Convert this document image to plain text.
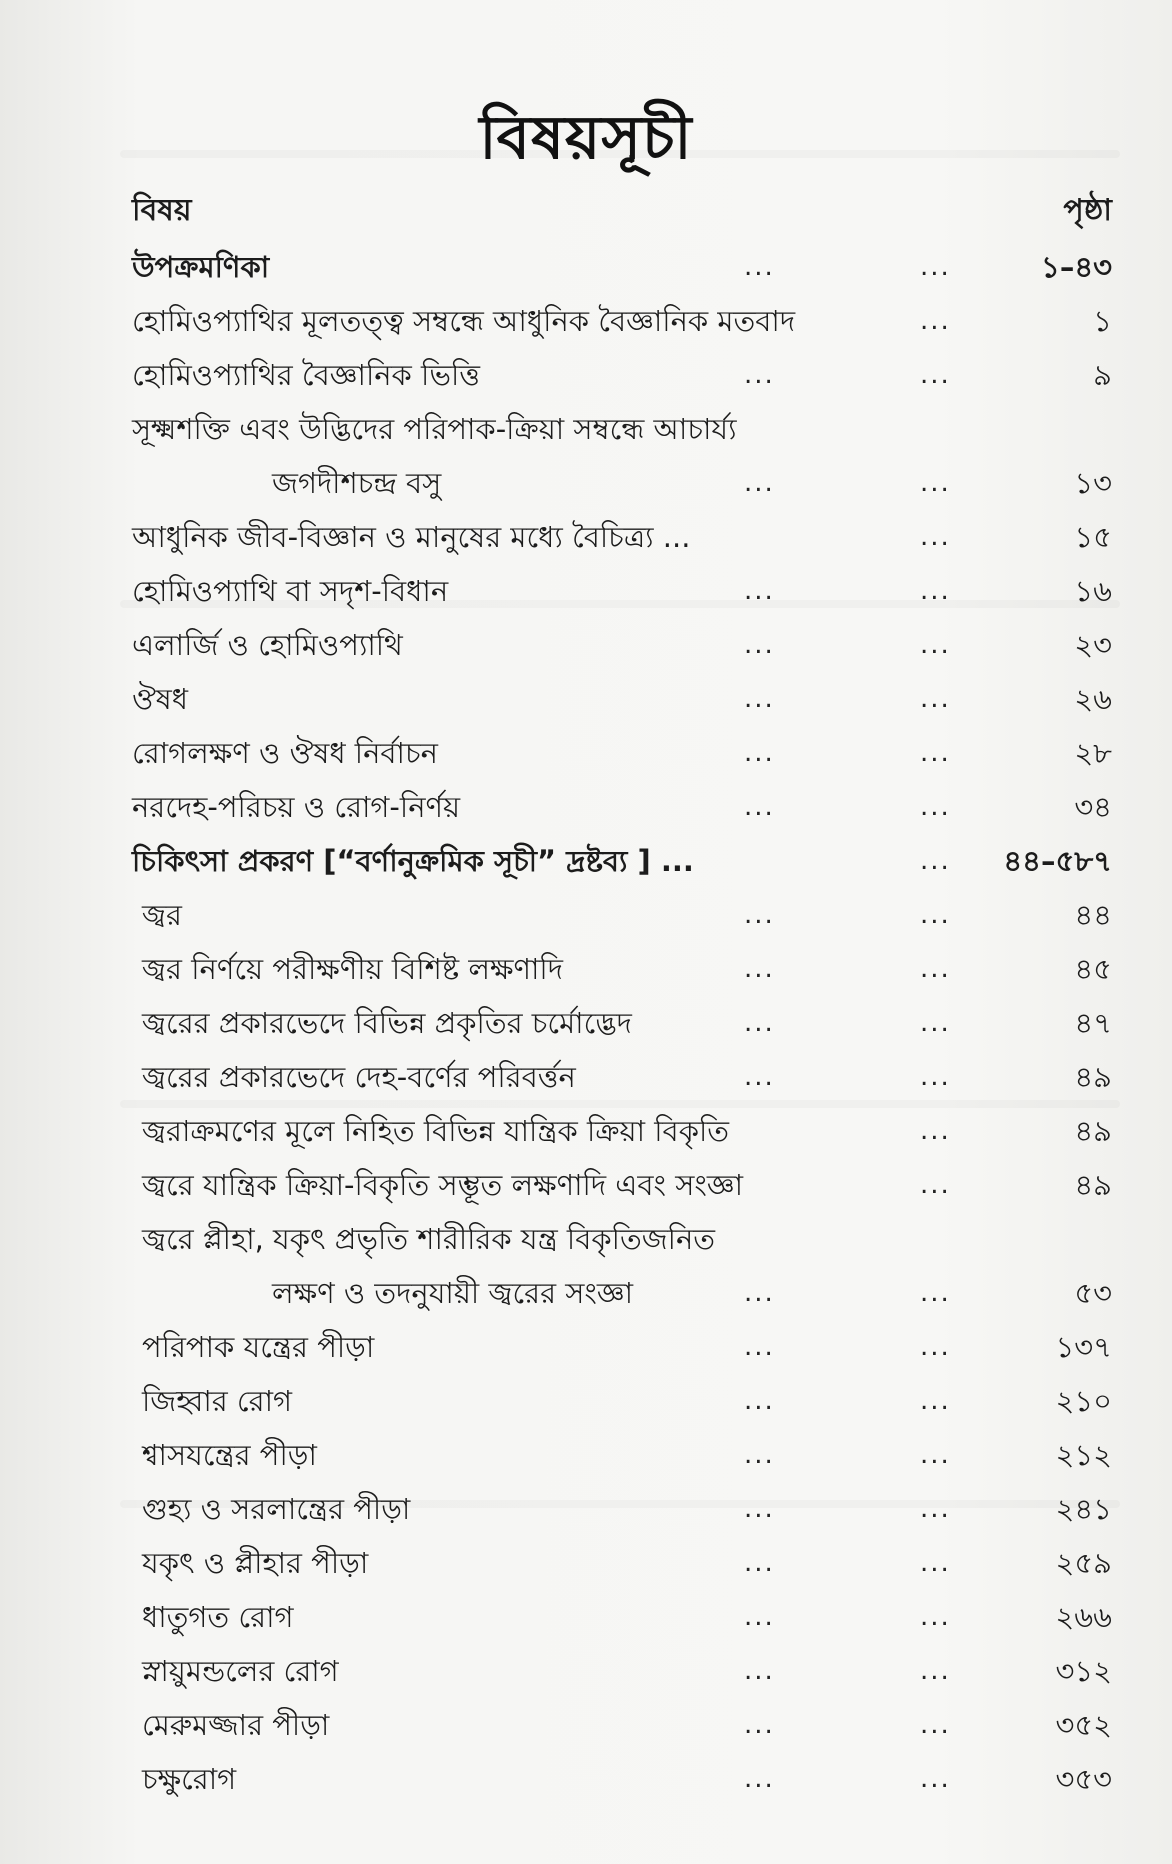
বিষয়সূচী
বিষয়	পৃষ্ঠা
উপক্রমণিকা	...	...	১–৪৩
হোমিওপ্যাথির মূলতত্ত্ব সম্বন্ধে আধুনিক বৈজ্ঞানিক মতবাদ	...	১
হোমিওপ্যাথির বৈজ্ঞানিক ভিত্তি	...	...	৯
সূক্ষ্মশক্তি এবং উদ্ভিদের পরিপাক-ক্রিয়া সম্বন্ধে আচার্য্য
জগদীশচন্দ্র বসু	...	...	১৩
আধুনিক জীব-বিজ্ঞান ও মানুষের মধ্যে বৈচিত্র্য ...	...	১৫
হোমিওপ্যাথি বা সদৃশ-বিধান	...	...	১৬
এলার্জি ও হোমিওপ্যাথি	...	...	২৩
ঔষধ	...	...	২৬
রোগলক্ষণ ও ঔষধ নির্বাচন	...	...	২৮
নরদেহ-পরিচয় ও রোগ-নির্ণয়	...	...	৩৪
চিকিৎসা প্রকরণ [“বর্ণানুক্রমিক সূচী” দ্রষ্টব্য ] ...	... ৪৪–৫৮৭
জ্বর	...	...	৪৪
জ্বর নির্ণয়ে পরীক্ষণীয় বিশিষ্ট লক্ষণাদি	...	...	৪৫
জ্বরের প্রকারভেদে বিভিন্ন প্রকৃতির চর্মোদ্ভেদ	...	...	৪৭
জ্বরের প্রকারভেদে দেহ-বর্ণের পরিবর্ত্তন	...	...	৪৯
জ্বরাক্রমণের মূলে নিহিত বিভিন্ন যান্ত্রিক ক্রিয়া বিকৃতি	...	৪৯
জ্বরে যান্ত্রিক ক্রিয়া-বিকৃতি সম্ভূত লক্ষণাদি এবং সংজ্ঞা	...	৪৯
জ্বরে প্লীহা, যকৃৎ প্রভৃতি শারীরিক যন্ত্র বিকৃতিজনিত
লক্ষণ ও তদনুযায়ী জ্বরের সংজ্ঞা	...	...	৫৩
পরিপাক যন্ত্রের পীড়া	...	...	১৩৭
জিহ্বার রোগ	...	...	২১০
শ্বাসযন্ত্রের পীড়া	...	...	২১২
গুহ্য ও সরলান্ত্রের পীড়া	...	...	২৪১
যকৃৎ ও প্লীহার পীড়া	...	...	২৫৯
ধাতুগত রোগ	...	...	২৬৬
স্নায়ুমন্ডলের রোগ	...	...	৩১২
মেরুমজ্জার পীড়া	...	...	৩৫২
চক্ষুরোগ	...	...	৩৫৩
